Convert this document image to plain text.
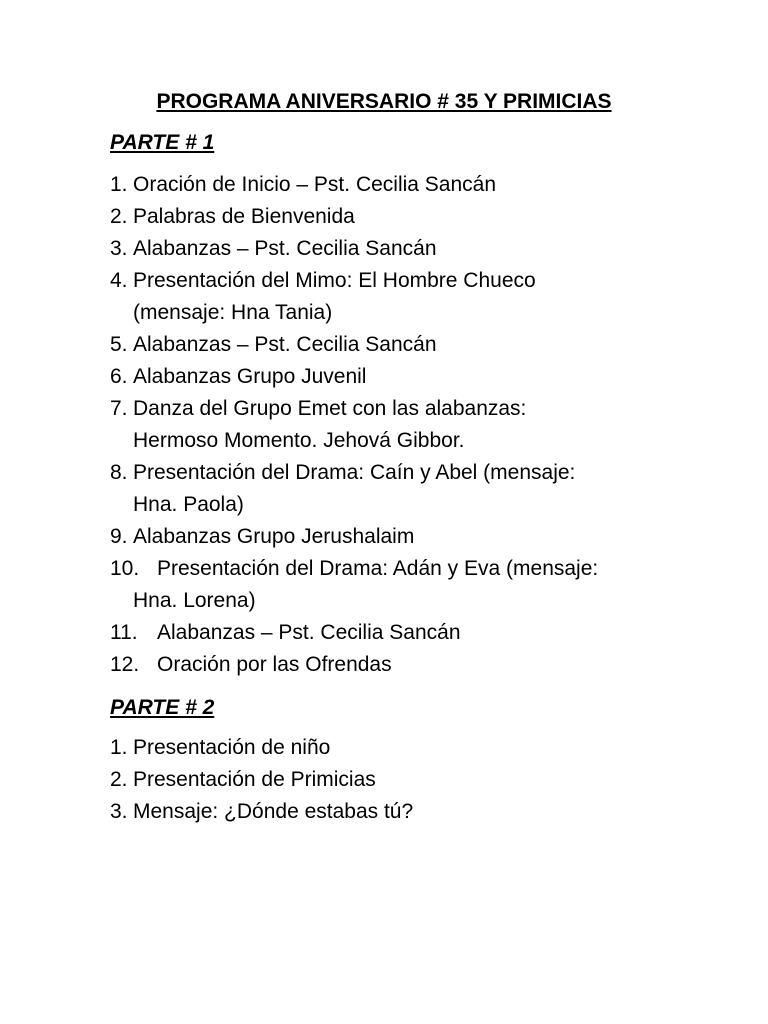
PROGRAMA ANIVERSARIO # 35 Y PRIMICIAS
PARTE # 1
1. Oración de Inicio – Pst. Cecilia Sancán
2. Palabras de Bienvenida
3. Alabanzas – Pst. Cecilia Sancán
4. Presentación del Mimo: El Hombre Chueco
(mensaje: Hna Tania)
5. Alabanzas – Pst. Cecilia Sancán
6. Alabanzas Grupo Juvenil
7. Danza del Grupo Emet con las alabanzas:
Hermoso Momento. Jehová Gibbor.
8. Presentación del Drama: Caín y Abel (mensaje:
Hna. Paola)
9. Alabanzas Grupo Jerushalaim
10. Presentación del Drama: Adán y Eva (mensaje:
Hna. Lorena)
11. Alabanzas – Pst. Cecilia Sancán
12. Oración por las Ofrendas
PARTE # 2
1. Presentación de niño
2. Presentación de Primicias
3. Mensaje: ¿Dónde estabas tú?
